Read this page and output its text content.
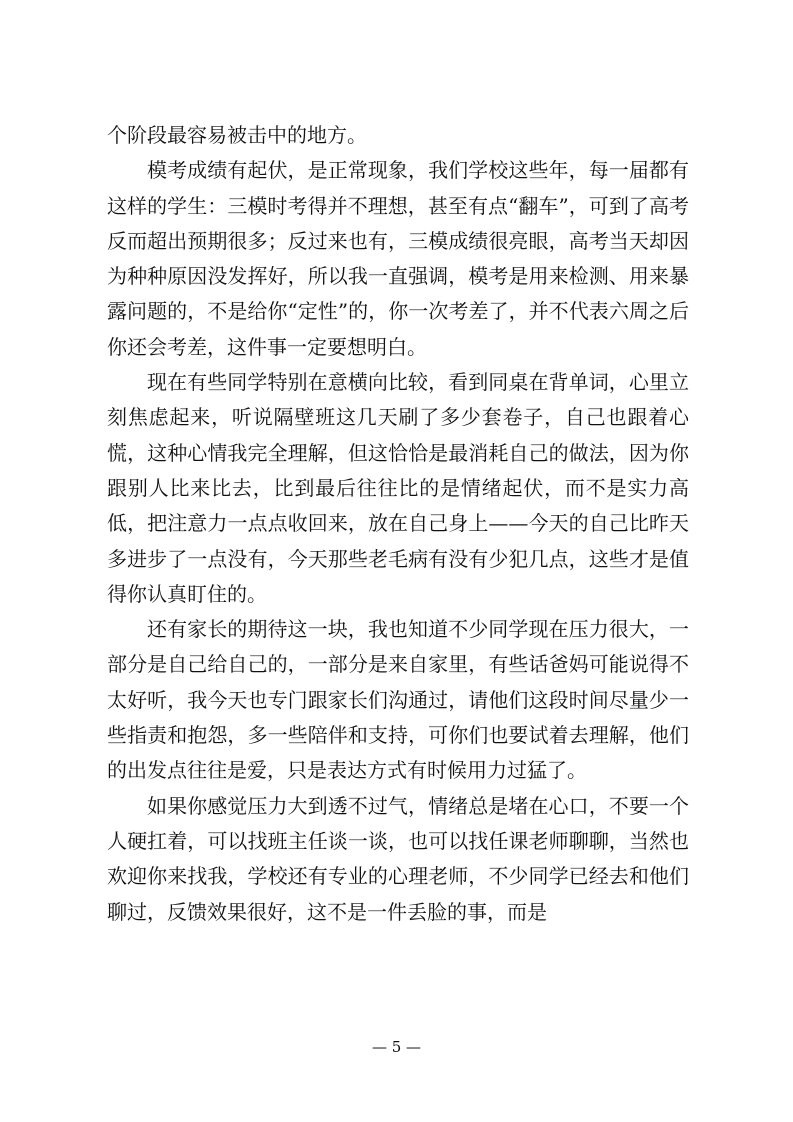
个阶段最容易被击中的地方。

模考成绩有起伏，是正常现象，我们学校这些年，每一届都有这样的学生：三模时考得并不理想，甚至有点“翻车”，可到了高考反而超出预期很多；反过来也有，三模成绩很亮眼，高考当天却因为种种原因没发挥好，所以我一直强调，模考是用来检测、用来暴露问题的，不是给你“定性”的，你一次考差了，并不代表六周之后你还会考差，这件事一定要想明白。

现在有些同学特别在意横向比较，看到同桌在背单词，心里立刻焦虑起来，听说隔壁班这几天刷了多少套卷子，自己也跟着心慌，这种心情我完全理解，但这恰恰是最消耗自己的做法，因为你跟别人比来比去，比到最后往往比的是情绪起伏，而不是实力高低，把注意力一点点收回来，放在自己身上——今天的自己比昨天多进步了一点没有，今天那些老毛病有没有少犯几点，这些才是值得你认真盯住的。

还有家长的期待这一块，我也知道不少同学现在压力很大，一部分是自己给自己的，一部分是来自家里，有些话爸妈可能说得不太好听，我今天也专门跟家长们沟通过，请他们这段时间尽量少一些指责和抱怨，多一些陪伴和支持，可你们也要试着去理解，他们的出发点往往是爱，只是表达方式有时候用力过猛了。

如果你感觉压力大到透不过气，情绪总是堵在心口，不要一个人硬扛着，可以找班主任谈一谈，也可以找任课老师聊聊，当然也欢迎你来找我，学校还有专业的心理老师，不少同学已经去和他们聊过，反馈效果很好，这不是一件丢脸的事，而是

— 5 —
